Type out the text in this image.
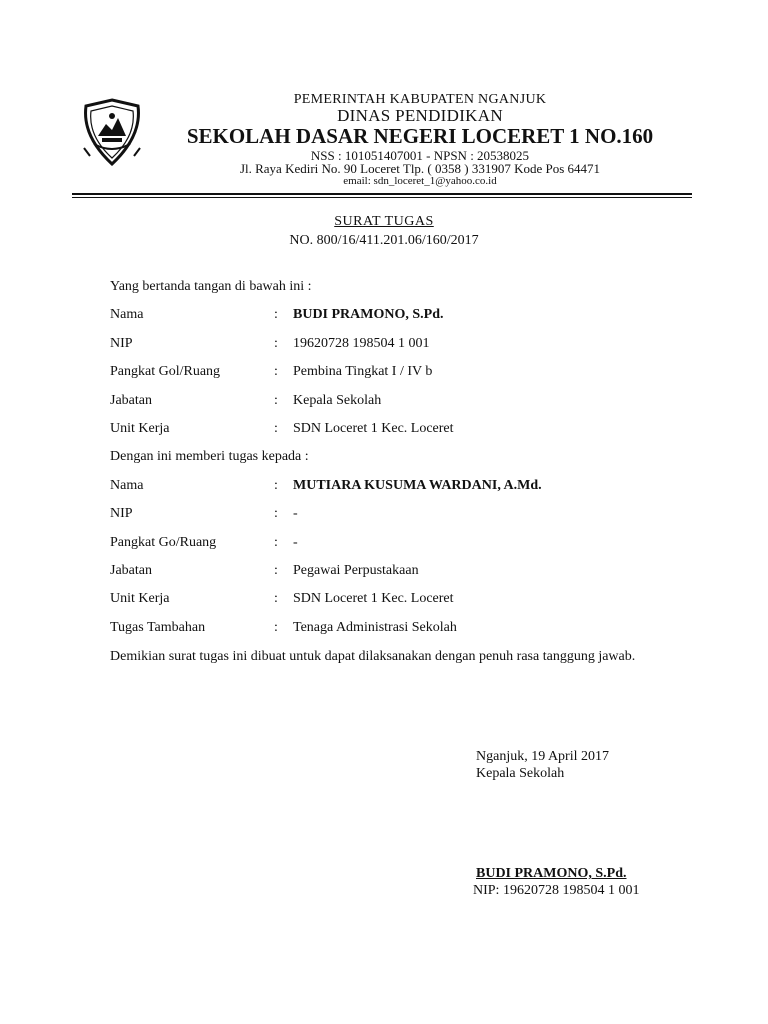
PEMERINTAH KABUPATEN NGANJUK
DINAS PENDIDIKAN
SEKOLAH DASAR NEGERI LOCERET 1 NO.160
NSS : 101051407001 - NPSN : 20538025
Jl. Raya Kediri No. 90 Loceret Tlp. ( 0358 ) 331907 Kode Pos 64471
email: sdn_loceret_1@yahoo.co.id
SURAT TUGAS
NO. 800/16/411.201.06/160/2017
Yang bertanda tangan di bawah ini :
Nama	: BUDI PRAMONO, S.Pd.
NIP	: 19620728 198504 1 001
Pangkat Gol/Ruang	: Pembina Tingkat I / IV b
Jabatan	: Kepala Sekolah
Unit Kerja	: SDN Loceret 1 Kec. Loceret
Dengan ini memberi tugas kepada :
Nama	: MUTIARA KUSUMA WARDANI, A.Md.
NIP	: -
Pangkat Go/Ruang	: -
Jabatan	: Pegawai Perpustakaan
Unit Kerja	: SDN Loceret 1 Kec. Loceret
Tugas Tambahan	: Tenaga Administrasi Sekolah
Demikian surat tugas ini dibuat untuk dapat dilaksanakan dengan penuh rasa tanggung jawab.
Nganjuk, 19 April 2017
Kepala Sekolah
BUDI PRAMONO, S.Pd.
NIP: 19620728 198504 1 001
